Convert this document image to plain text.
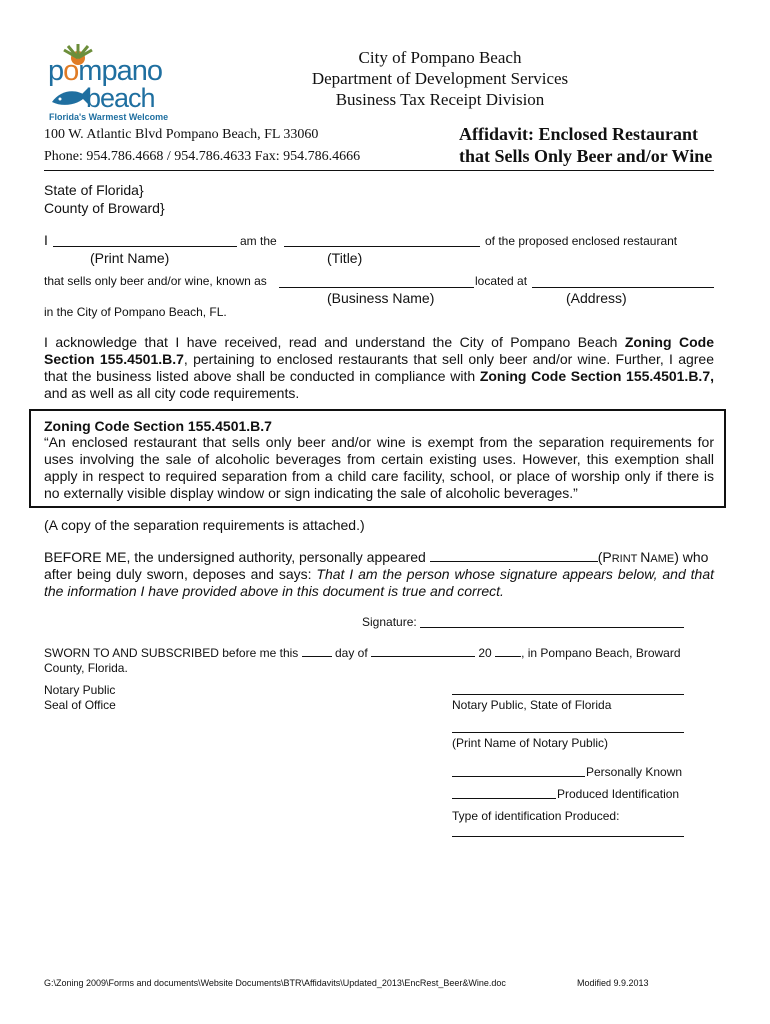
pompano
beach
Florida's Warmest Welcome
City of Pompano Beach
Department of Development Services
Business Tax Receipt Division
100 W. Atlantic Blvd Pompano Beach, FL 33060
Phone: 954.786.4668 / 954.786.4633 Fax: 954.786.4666
Affidavit: Enclosed Restaurant
that Sells Only Beer and/or Wine
State of Florida}
County of Broward}
I	am the	of the proposed enclosed restaurant
(Print Name)	(Title)
that sells only beer and/or wine, known as	located at
(Business Name)	(Address)
in the City of Pompano Beach, FL.
I acknowledge that I have received, read and understand the City of Pompano Beach Zoning Code Section 155.4501.B.7, pertaining to enclosed restaurants that sell only beer and/or wine. Further, I agree that the business listed above shall be conducted in compliance with Zoning Code Section 155.4501.B.7, and as well as all city code requirements.
Zoning Code Section 155.4501.B.7
“An enclosed restaurant that sells only beer and/or wine is exempt from the separation requirements for uses involving the sale of alcoholic beverages from certain existing uses. However, this exemption shall apply in respect to required separation from a child care facility, school, or place of worship only if there is no externally visible display window or sign indicating the sale of alcoholic beverages.”
(A copy of the separation requirements is attached.)
BEFORE ME, the undersigned authority, personally appeared	(PRINT NAME) who
after being duly sworn, deposes and says: That I am the person whose signature appears below, and that the information I have provided above in this document is true and correct.
Signature:
SWORN TO AND SUBSCRIBED before me this	day of	20 , in Pompano Beach, Broward
County, Florida.
Notary Public
Seal of Office	Notary Public, State of Florida
(Print Name of Notary Public)
Personally Known
Produced Identification
Type of identification Produced:
G:\Zoning 2009\Forms and documents\Website Documents\BTR\Affidavits\Updated_2013\EncRest_Beer&Wine.doc	Modified 9.9.2013
